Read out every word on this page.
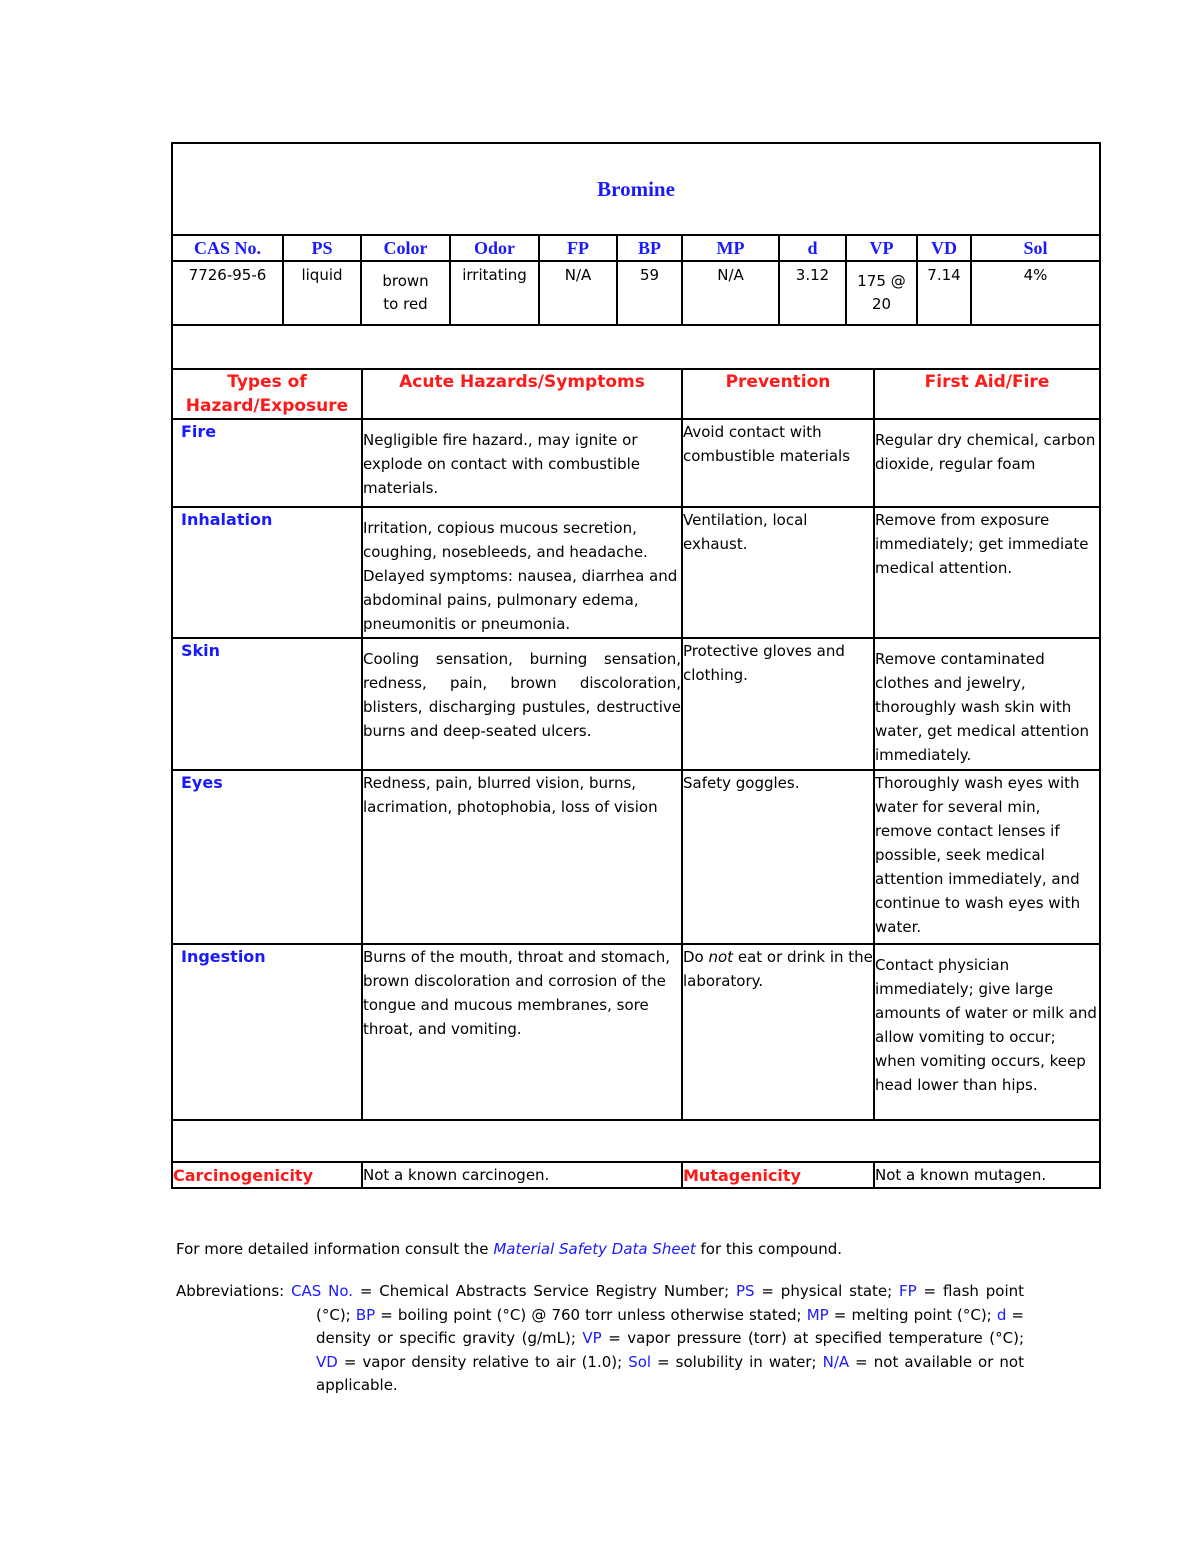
Bromine										
CAS No.	PS	Color	Odor	FP	BP	MP	d	VP	VD	Sol

7726-95-6	liquid	brown to red	irritating	N/A	59	N/A	3.12	175 @ 20	7.14	4%

Types of Hazard/Exposure	Acute Hazards/Symptoms	Prevention	First Aid/Fire
Fire	Negligible fire hazard., may ignite or explode on contact with combustible materials.	Avoid contact with combustible materials	Regular dry chemical, carbon dioxide, regular foam
Inhalation	Irritation, copious mucous secretion, coughing, nosebleeds, and headache. Delayed symptoms: nausea, diarrhea and abdominal pains, pulmonary edema, pneumonitis or pneumonia.	Ventilation, local exhaust.	Remove from exposure immediately; get immediate medical attention.
Skin	Cooling sensation, burning sensation, redness, pain, brown discoloration, blisters, discharging pustules, destructive burns and deep-seated ulcers.	Protective gloves and clothing.	Remove contaminated clothes and jewelry, thoroughly wash skin with water, get medical attention immediately.
Eyes	Redness, pain, blurred vision, burns, lacrimation, photophobia, loss of vision	Safety goggles.	Thoroughly wash eyes with water for several min, remove contact lenses if possible, seek medical attention immediately, and continue to wash eyes with water.
Ingestion	Burns of the mouth, throat and stomach, brown discoloration and corrosion of the tongue and mucous membranes, sore throat, and vomiting.	Do not eat or drink in the laboratory.	Contact physician immediately; give large amounts of water or milk and allow vomiting to occur; when vomiting occurs, keep head lower than hips.

Carcinogenicity	Not a known carcinogen.	Mutagenicity	Not a known mutagen.
For more detailed information consult the Material Safety Data Sheet for this compound.
Abbreviations: CAS No. = Chemical Abstracts Service Registry Number; PS = physical state; FP = flash point (°C); BP = boiling point (°C) @ 760 torr unless otherwise stated; MP = melting point (°C); d = density or specific gravity (g/mL); VP = vapor pressure (torr) at specified temperature (°C); VD = vapor density relative to air (1.0); Sol = solubility in water; N/A = not available or not applicable.
